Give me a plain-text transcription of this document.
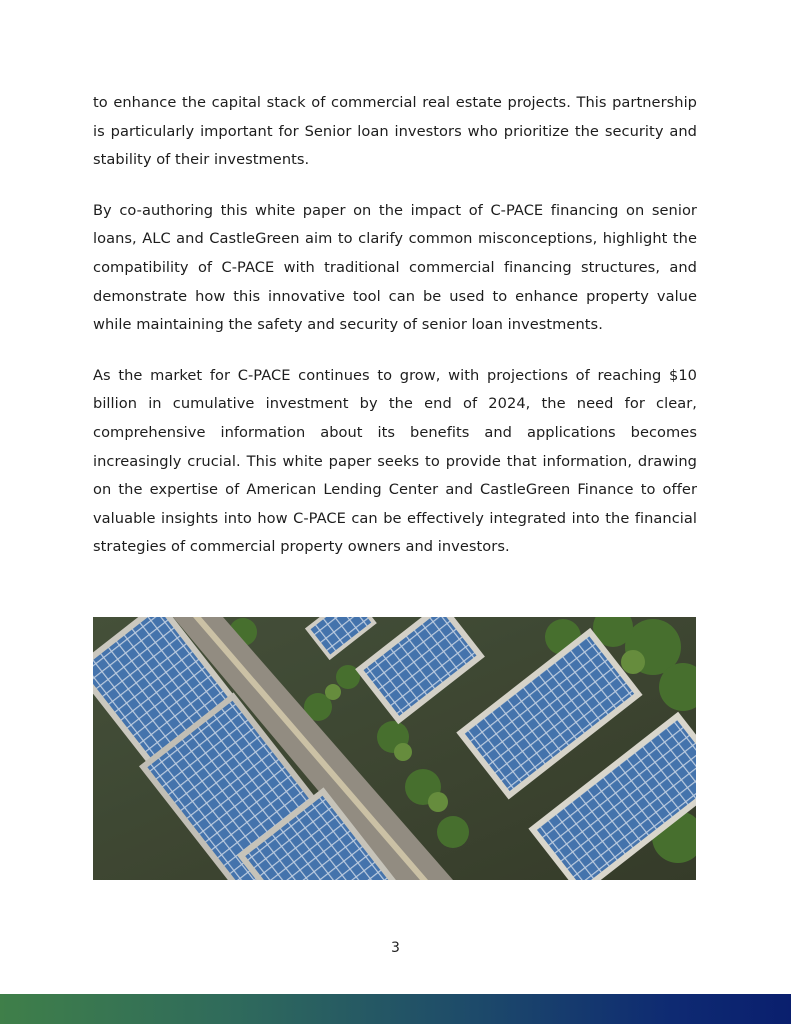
to enhance the capital stack of commercial real estate projects. This partnership is particularly important for Senior loan investors who prioritize the security and stability of their investments.

By co-authoring this white paper on the impact of C-PACE financing on senior loans, ALC and CastleGreen aim to clarify common misconceptions, highlight the compatibility of C-PACE with traditional commercial financing structures, and demonstrate how this innovative tool can be used to enhance property value while maintaining the safety and security of senior loan investments.

As the market for C-PACE continues to grow, with projections of reaching $10 billion in cumulative investment by the end of 2024, the need for clear, comprehensive information about its benefits and applications becomes increasingly crucial. This white paper seeks to provide that information, drawing on the expertise of American Lending Center and CastleGreen Finance to offer valuable insights into how C-PACE can be effectively integrated into the financial strategies of commercial property owners and investors.

3
